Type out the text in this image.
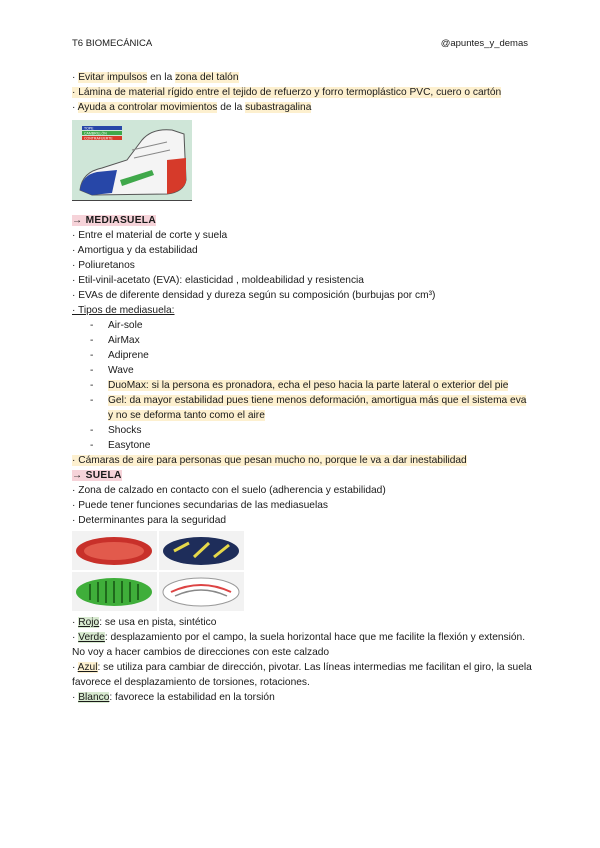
T6 BIOMECÁNICA	@apuntes_y_demas
· Evitar impulsos en la zona del talón
· Lámina de material rígido entre el tejido de refuerzo y forro termoplástico PVC, cuero o cartón
· Ayuda a controlar movimientos de la subastragalina
TOPE
CAMBRILLÓN
CONTRAFUERTE
→ MEDIASUELA
· Entre el material de corte y suela
· Amortigua y da estabilidad
· Poliuretanos
· Etil-vinil-acetato (EVA): elasticidad , moldeabilidad y resistencia
· EVAs de diferente densidad y dureza según su composición (burbujas por cm³)
· Tipos de mediasuela:
- Air-sole
- AirMax
- Adiprene
- Wave
- DuoMax: si la persona es pronadora, echa el peso hacia la parte lateral o exterior del pie
- Gel: da mayor estabilidad pues tiene menos deformación, amortigua más que el sistema eva y no se deforma tanto como el aire
- Shocks
- Easytone
· Cámaras de aire para personas que pesan mucho no, porque le va a dar inestabilidad
→ SUELA
· Zona de calzado en contacto con el suelo (adherencia y estabilidad)
· Puede tener funciones secundarias de las mediasuelas
· Determinantes para la seguridad
· Rojo: se usa en pista, sintético
· Verde: desplazamiento por el campo, la suela horizontal hace que me facilite la flexión y extensión. No voy a hacer cambios de direcciones con este calzado
· Azul: se utiliza para cambiar de dirección, pivotar. Las líneas intermedias me facilitan el giro, la suela favorece el desplazamiento de torsiones, rotaciones.
· Blanco: favorece la estabilidad en la torsión
